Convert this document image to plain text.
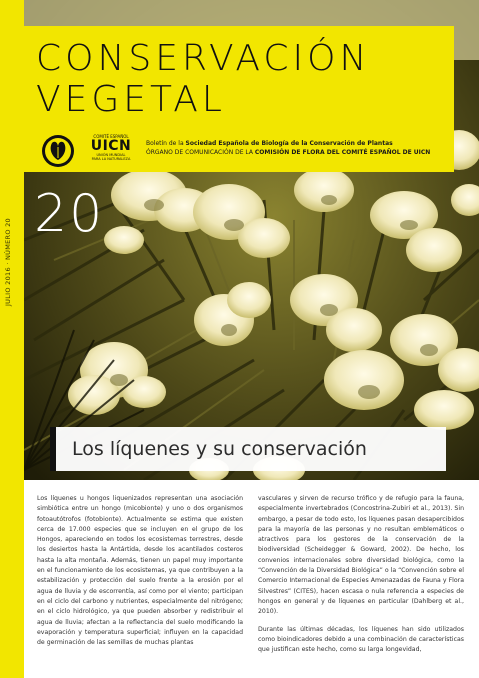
JULIO 2016 · NÚMERO 20
CONSERVACIÓN
VEGETAL
COMITÉ ESPAÑOL
UICN
UNIÓN MUNDIAL
PARA LA NATURALEZA

Boletín de la Sociedad Española de Biología de la Conservación de Plantas

ÓRGANO DE COMUNICACIÓN DE LA COMISIÓN DE FLORA DEL COMITÉ ESPAÑOL DE UICN

20
Los líquenes y su conservación

Los líquenes u hongos liquenizados representan una asociación simbiótica entre un hongo (micobionte) y uno o dos organismos fotoautótrofos (fotobionte). Actualmente se estima que existen cerca de 17.000 especies que se incluyen en el grupo de los Hongos, apareciendo en todos los ecosistemas terrestres, desde los desiertos hasta la Antártida, desde los acantilados costeros hasta la alta montaña. Además, tienen un papel muy importante en el funcionamiento de los ecosistemas, ya que contribuyen a la estabilización y protección del suelo frente a la erosión por el agua de lluvia y de escorrentía, así como por el viento; participan en el ciclo del carbono y nutrientes, especialmente del nitrógeno; en el ciclo hidrológico, ya que pueden absorber y redistribuir el agua de lluvia; afectan a la reflectancia del suelo modificando la evaporación y temperatura superficial; influyen en la capacidad de germinación de las semillas de muchas plantas

vasculares y sirven de recurso trófico y de refugio para la fauna, especialmente invertebrados (Concostrina-Zubiri et al., 2013). Sin embargo, a pesar de todo esto, los líquenes pasan desapercibidos para la mayoría de las personas y no resultan emblemáticos o atractivos para los gestores de la conservación de la biodiversidad (Scheidegger & Goward, 2002). De hecho, los convenios internacionales sobre diversidad biológica, como la “Convención de la Diversidad Biológica” o la “Convención sobre el Comercio Internacional de Especies Amenazadas de Fauna y Flora Silvestres” (CITES), hacen escasa o nula referencia a especies de hongos en general y de líquenes en particular (Dahlberg et al., 2010).

Durante las últimas décadas, los líquenes han sido utilizados como bioindicadores debido a una combinación de características que justifican este hecho, como su larga longevidad,
